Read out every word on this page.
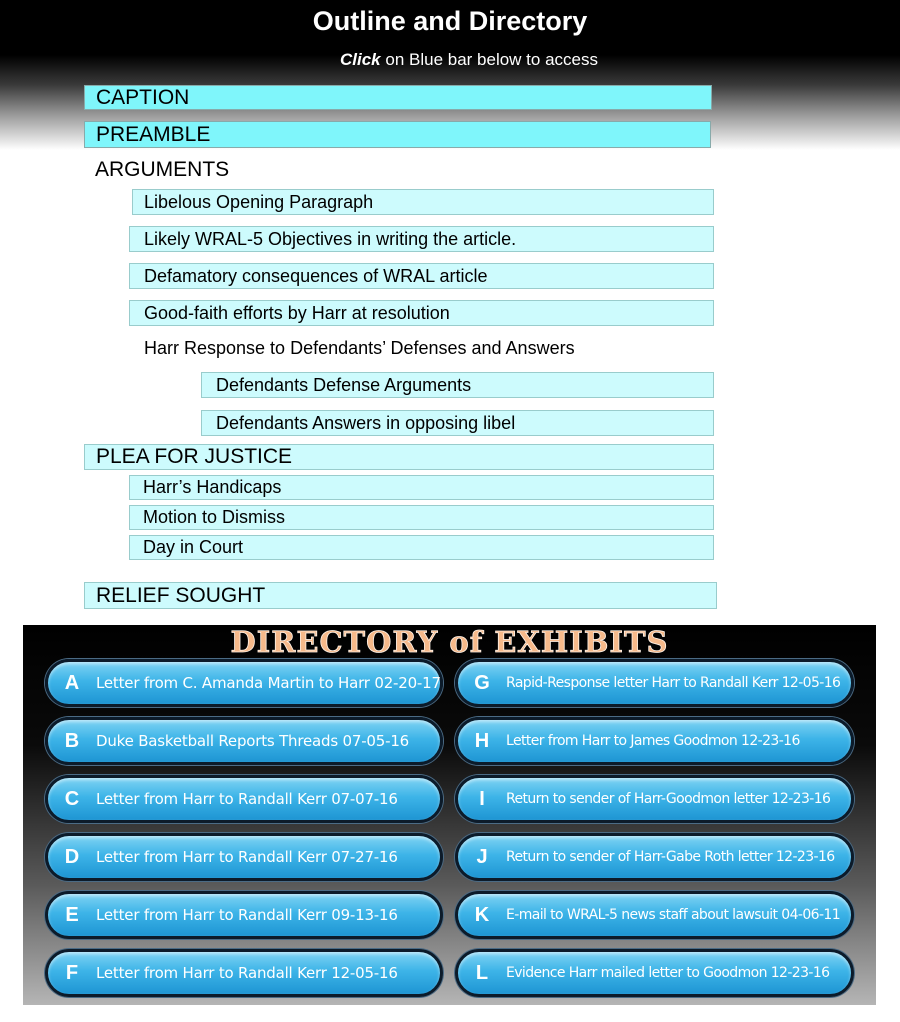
Outline and Directory
Click on Blue bar below to access
CAPTION
PREAMBLE
ARGUMENTS
Libelous Opening Paragraph
Likely WRAL-5 Objectives in writing the article.
Defamatory consequences of WRAL article
Good-faith efforts by Harr at resolution
Harr Response to Defendants’ Defenses and Answers
Defendants Defense Arguments
Defendants Answers in opposing libel
PLEA FOR JUSTICE
Harr’s Handicaps
Motion to Dismiss
Day in Court
RELIEF SOUGHT
DIRECTORY of EXHIBITS
A	Letter from C. Amanda Martin to Harr 02-20-17
B	Duke Basketball Reports Threads 07-05-16
C	Letter from Harr to Randall Kerr 07-07-16
D	Letter from Harr to Randall Kerr 07-27-16
E	Letter from Harr to Randall Kerr 09-13-16
F	Letter from Harr to Randall Kerr 12-05-16
G	Rapid-Response letter Harr to Randall Kerr 12-05-16
H	Letter from Harr to James Goodmon 12-23-16
I	Return to sender of Harr-Goodmon letter 12-23-16
J	Return to sender of Harr-Gabe Roth letter 12-23-16
K	E-mail to WRAL-5 news staff about lawsuit 04-06-11
L	Evidence Harr mailed letter to Goodmon 12-23-16
